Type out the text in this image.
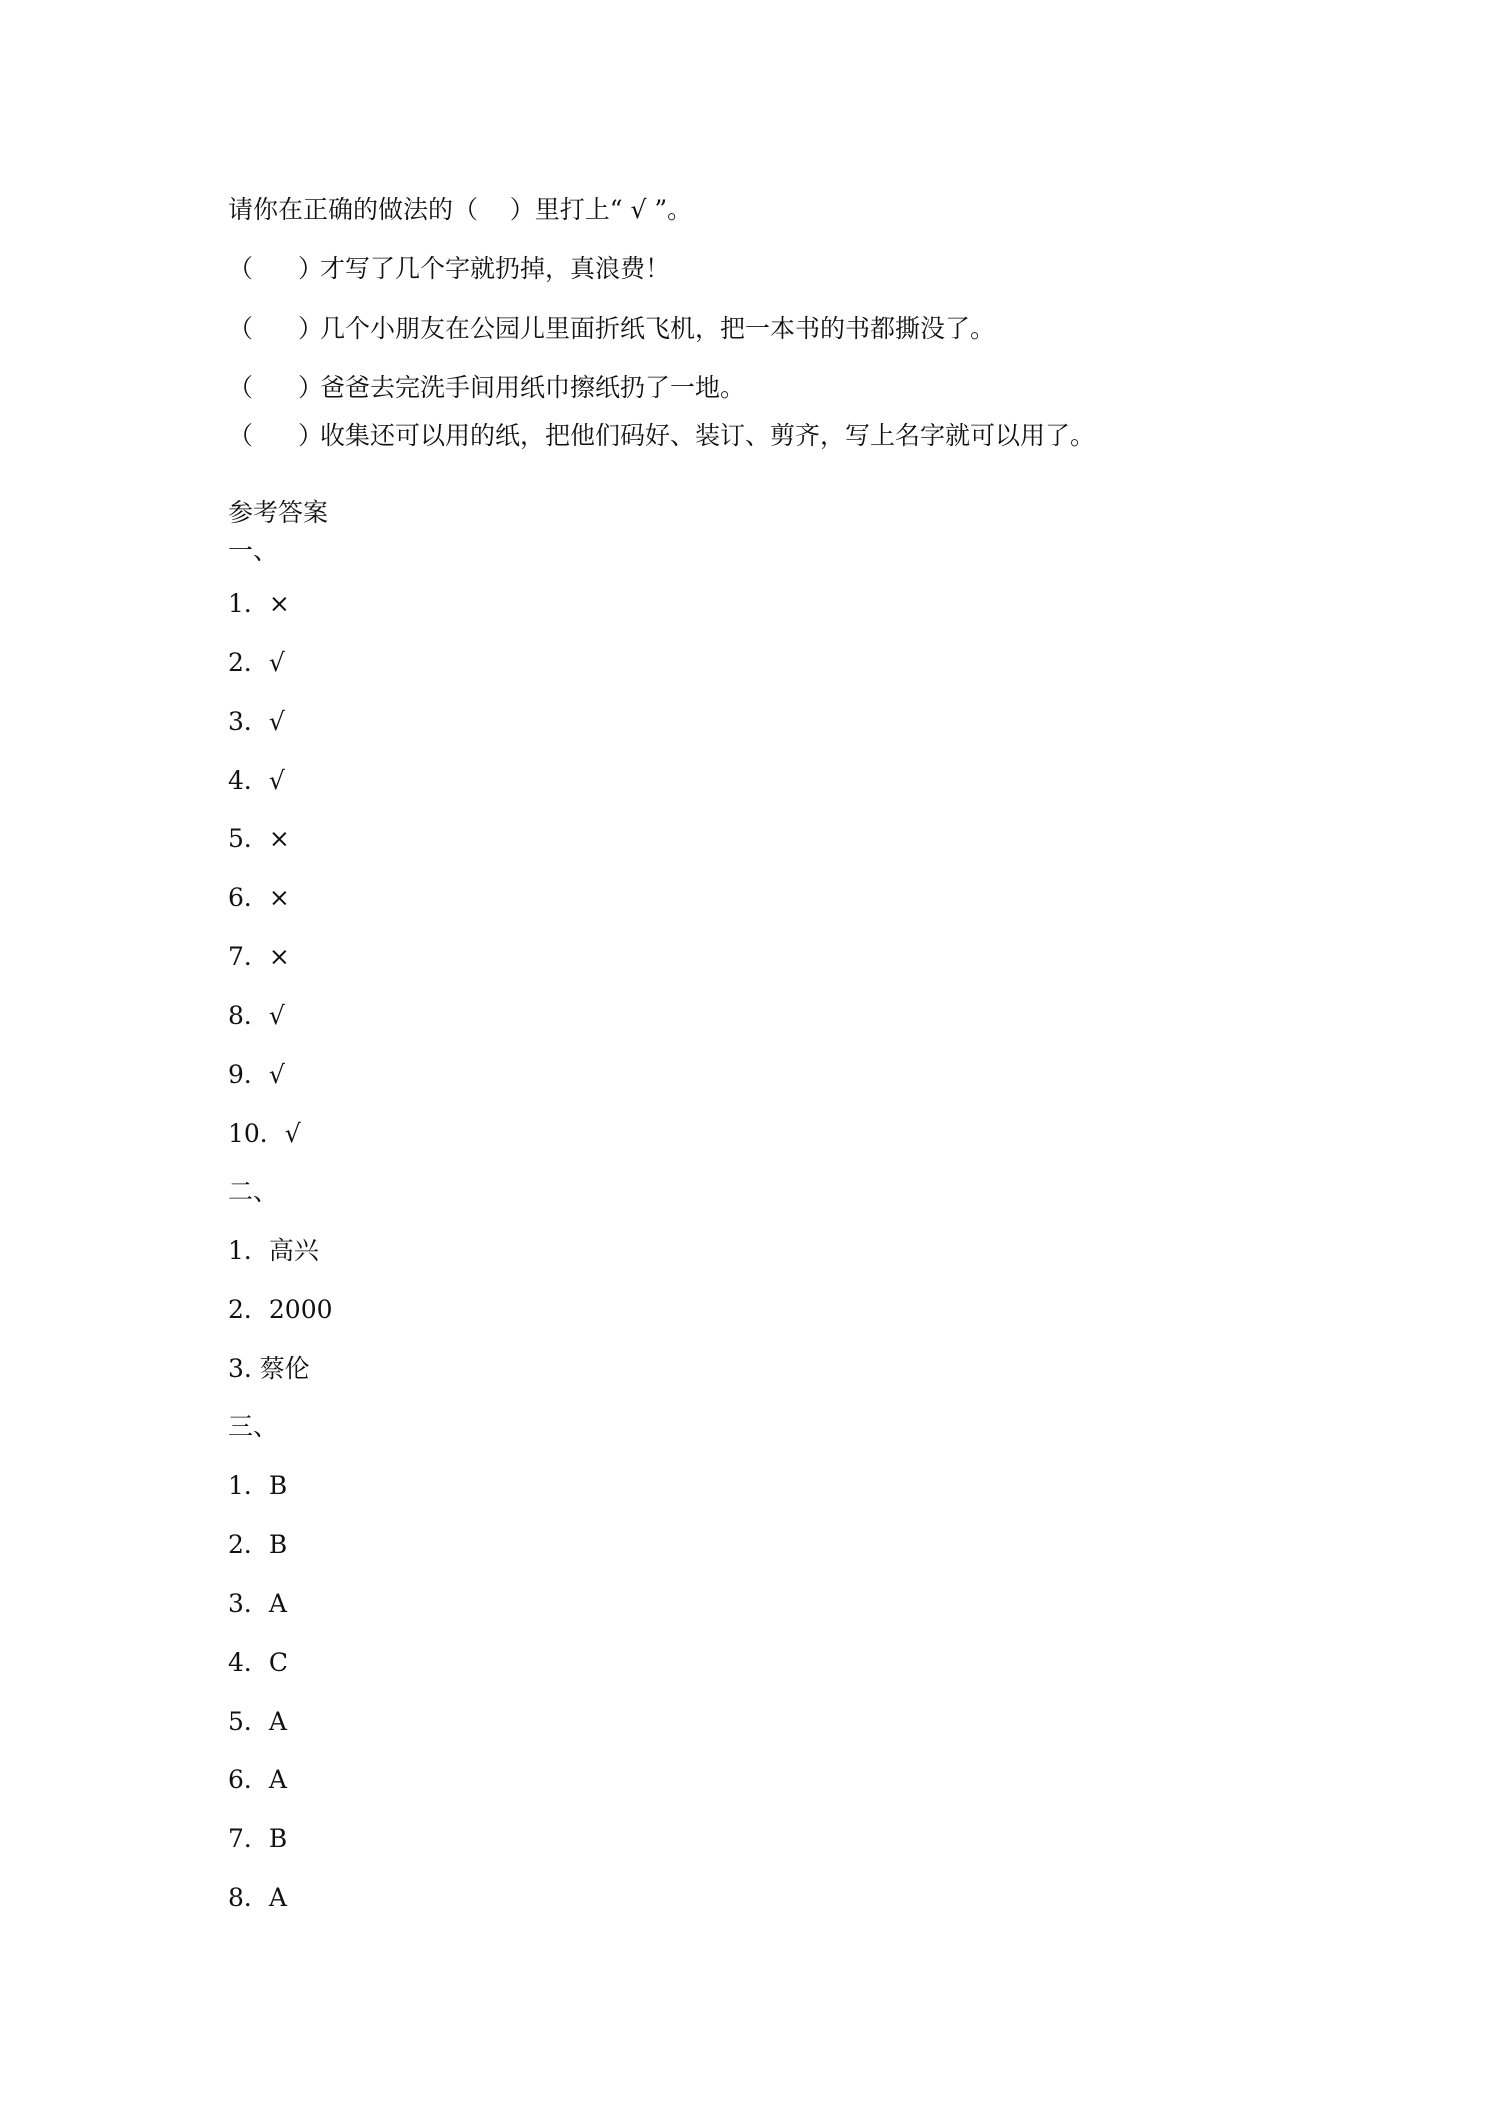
请你在正确的做法的（    ）里打上“ √ ”。
（ ）才写了几个字就扔掉，真浪费！
（ ）几个小朋友在公园儿里面折纸飞机，把一本书的书都撕没了。
（ ）爸爸去完洗手间用纸巾擦纸扔了一地。
（ ）收集还可以用的纸，把他们码好、装订、剪齐，写上名字就可以用了。
参考答案
一、
1．×
2．√
3．√
4．√
5．×
6．×
7．×
8．√
9．√
10．√
二、
1．高兴
2．2000
3. 蔡伦
三、
1．B
2．B
3．A
4．C
5．A
6．A
7．B
8．A
